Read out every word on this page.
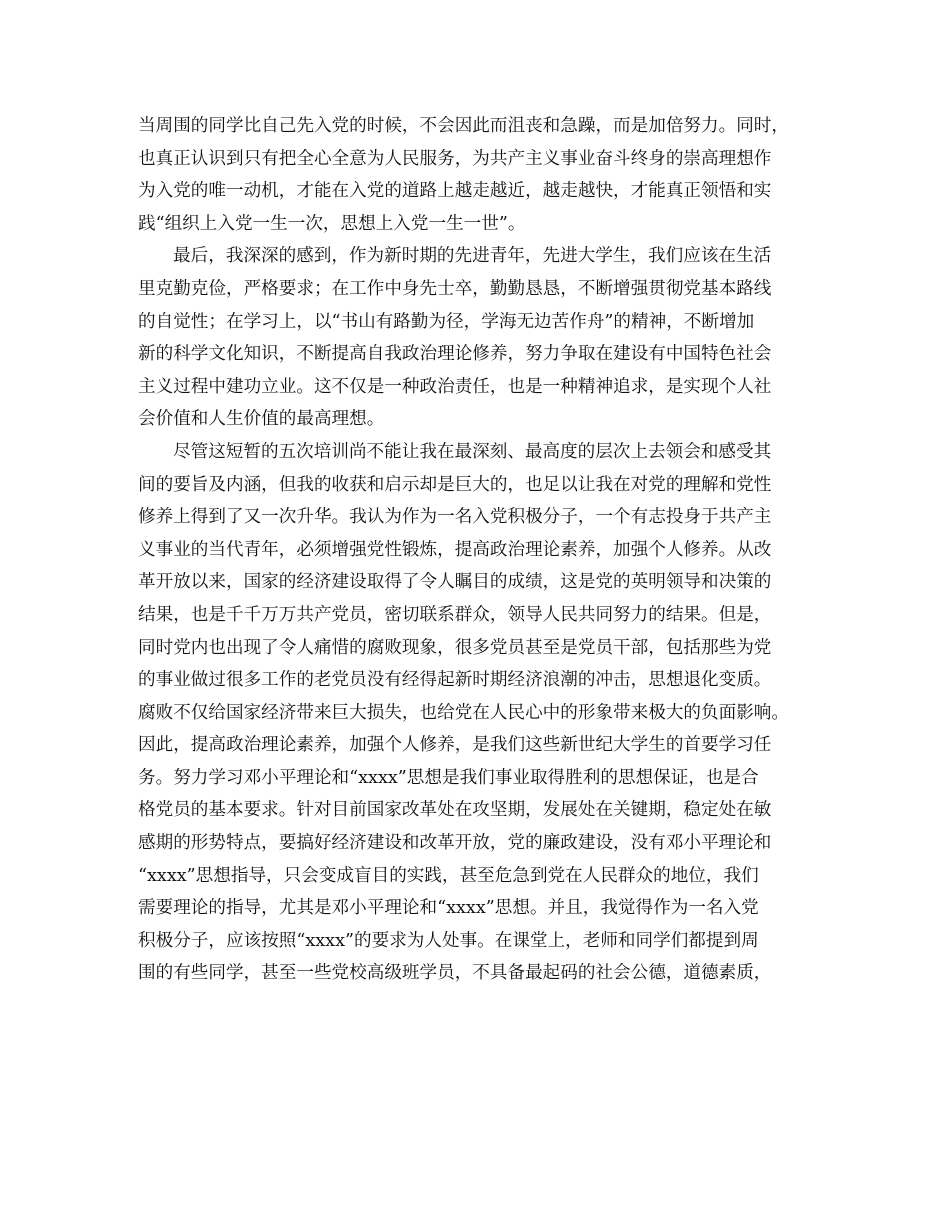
当周围的同学比自己先入党的时候，不会因此而沮丧和急躁，而是加倍努力。同时，
也真正认识到只有把全心全意为人民服务，为共产主义事业奋斗终身的崇高理想作
为入党的唯一动机，才能在入党的道路上越走越近，越走越快，才能真正领悟和实
践“组织上入党一生一次，思想上入党一生一世”。
最后，我深深的感到，作为新时期的先进青年，先进大学生，我们应该在生活
里克勤克俭，严格要求；在工作中身先士卒，勤勤恳恳，不断增强贯彻党基本路线
的自觉性；在学习上，以“书山有路勤为径，学海无边苦作舟”的精神，不断增加
新的科学文化知识，不断提高自我政治理论修养，努力争取在建设有中国特色社会
主义过程中建功立业。这不仅是一种政治责任，也是一种精神追求，是实现个人社
会价值和人生价值的最高理想。
尽管这短暂的五次培训尚不能让我在最深刻、最高度的层次上去领会和感受其
间的要旨及内涵，但我的收获和启示却是巨大的，也足以让我在对党的理解和党性
修养上得到了又一次升华。我认为作为一名入党积极分子，一个有志投身于共产主
义事业的当代青年，必须增强党性锻炼，提高政治理论素养，加强个人修养。从改
革开放以来，国家的经济建设取得了令人瞩目的成绩，这是党的英明领导和决策的
结果，也是千千万万共产党员，密切联系群众，领导人民共同努力的结果。但是，
同时党内也出现了令人痛惜的腐败现象，很多党员甚至是党员干部，包括那些为党
的事业做过很多工作的老党员没有经得起新时期经济浪潮的冲击，思想退化变质。
腐败不仅给国家经济带来巨大损失，也给党在人民心中的形象带来极大的负面影响。
因此，提高政治理论素养，加强个人修养，是我们这些新世纪大学生的首要学习任
务。努力学习邓小平理论和“xxxx”思想是我们事业取得胜利的思想保证，也是合
格党员的基本要求。针对目前国家改革处在攻坚期，发展处在关键期，稳定处在敏
感期的形势特点，要搞好经济建设和改革开放，党的廉政建设，没有邓小平理论和
“xxxx”思想指导，只会变成盲目的实践，甚至危急到党在人民群众的地位，我们
需要理论的指导，尤其是邓小平理论和“xxxx”思想。并且，我觉得作为一名入党
积极分子，应该按照“xxxx”的要求为人处事。在课堂上，老师和同学们都提到周
围的有些同学，甚至一些党校高级班学员，不具备最起码的社会公德，道德素质，
